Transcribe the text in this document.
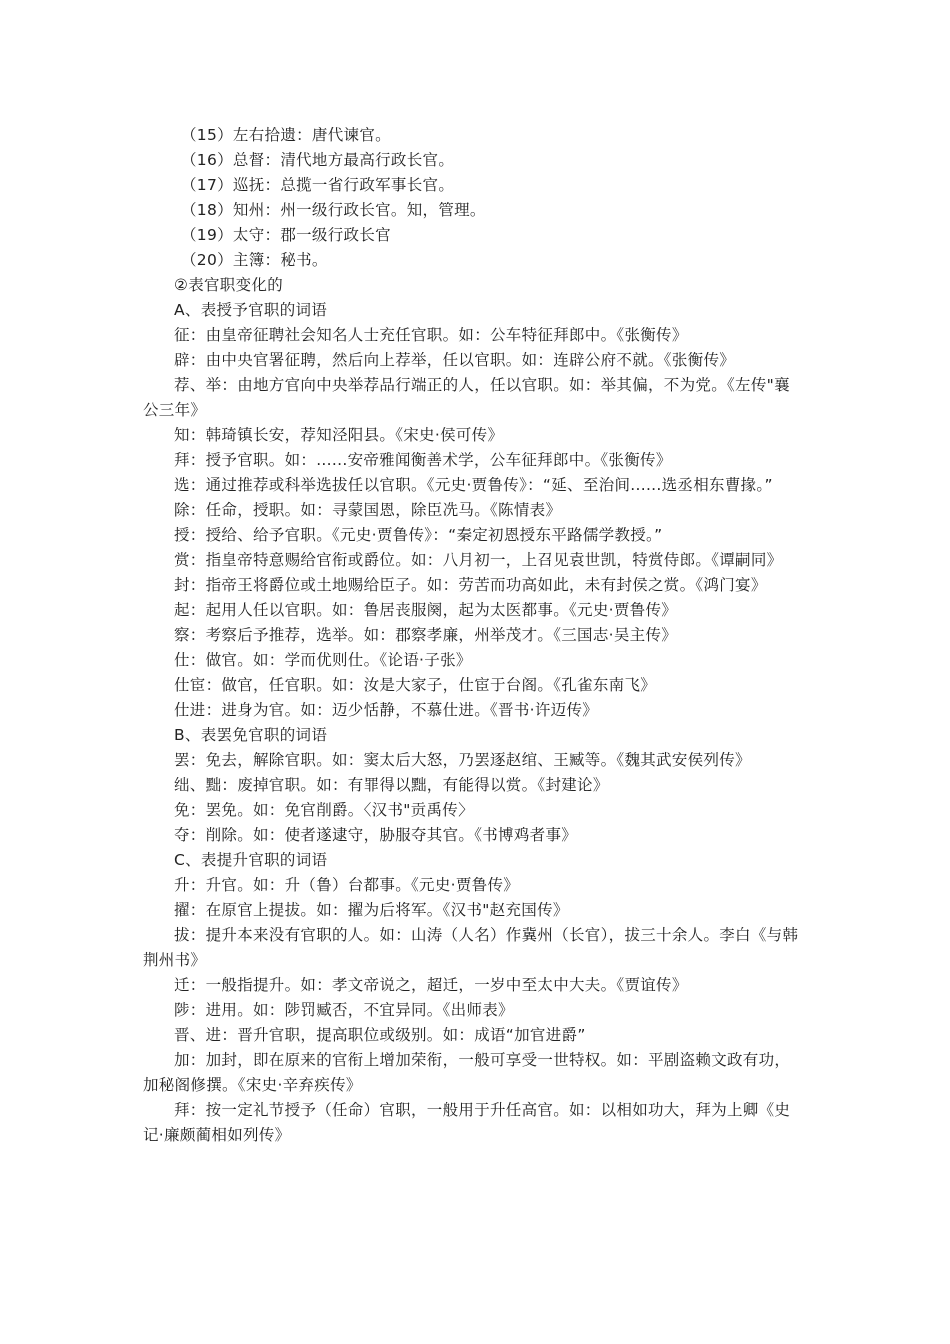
（15）左右拾遗：唐代谏官。

（16）总督：清代地方最高行政长官。

（17）巡抚：总揽一省行政军事长官。

（18）知州：州一级行政长官。知，管理。

（19）太守：郡一级行政长官

（20）主簿：秘书。

②表官职变化的

A、表授予官职的词语

征：由皇帝征聘社会知名人士充任官职。如：公车特征拜郎中。《张衡传》

辟：由中央官署征聘，然后向上荐举，任以官职。如：连辟公府不就。《张衡传》

荐、举：由地方官向中央举荐品行端正的人，任以官职。如：举其偏，不为党。《左传"襄公三年》

知：韩琦镇长安，荐知泾阳县。《宋史·侯可传》

拜：授予官职。如：......安帝雅闻衡善术学，公车征拜郎中。《张衡传》

选：通过推荐或科举选拔任以官职。《元史·贾鲁传》：“延、至治间......选丞相东曹掾。”

除：任命，授职。如：寻蒙国恩，除臣冼马。《陈情表》

授：授给、给予官职。《元史·贾鲁传》：“秦定初恩授东平路儒学教授。”

赏：指皇帝特意赐给官衔或爵位。如：八月初一，上召见袁世凯，特赏侍郎。《谭嗣同》

封：指帝王将爵位或土地赐给臣子。如：劳苦而功高如此，未有封侯之赏。《鸿门宴》

起：起用人任以官职。如：鲁居丧服阕，起为太医都事。《元史·贾鲁传》

察：考察后予推荐，选举。如：郡察孝廉，州举茂才。《三国志·吴主传》

仕：做官。如：学而优则仕。《论语·子张》

仕宦：做官，任官职。如：汝是大家子，仕宦于台阁。《孔雀东南飞》

仕进：进身为官。如：迈少恬静，不慕仕进。《晋书·许迈传》

B、表罢免官职的词语

罢：免去，解除官职。如：窦太后大怒，乃罢逐赵绾、王臧等。《魏其武安侯列传》

绌、黜：废掉官职。如：有罪得以黜，有能得以赏。《封建论》

免：罢免。如：免官削爵。〈汉书"贡禹传〉

夺：削除。如：使者遂逮守，胁服夺其官。《书博鸡者事》

C、表提升官职的词语

升：升官。如：升（鲁）台都事。《元史·贾鲁传》

擢：在原官上提拔。如：擢为后将军。《汉书"赵充国传》

拔：提升本来没有官职的人。如：山涛（人名）作冀州（长官），拔三十余人。李白《与韩荆州书》

迁：一般指提升。如：孝文帝说之，超迁，一岁中至太中大夫。《贾谊传》

陟：进用。如：陟罚臧否，不宜异同。《出师表》

晋、进：晋升官职，提高职位或级别。如：成语“加官进爵”

加：加封，即在原来的官衔上增加荣衔，一般可享受一世特权。如：平剧盗赖文政有功，加秘阁修撰。《宋史·辛弃疾传》

拜：按一定礼节授予（任命）官职，一般用于升任高官。如：以相如功大，拜为上卿《史记·廉颇蔺相如列传》
